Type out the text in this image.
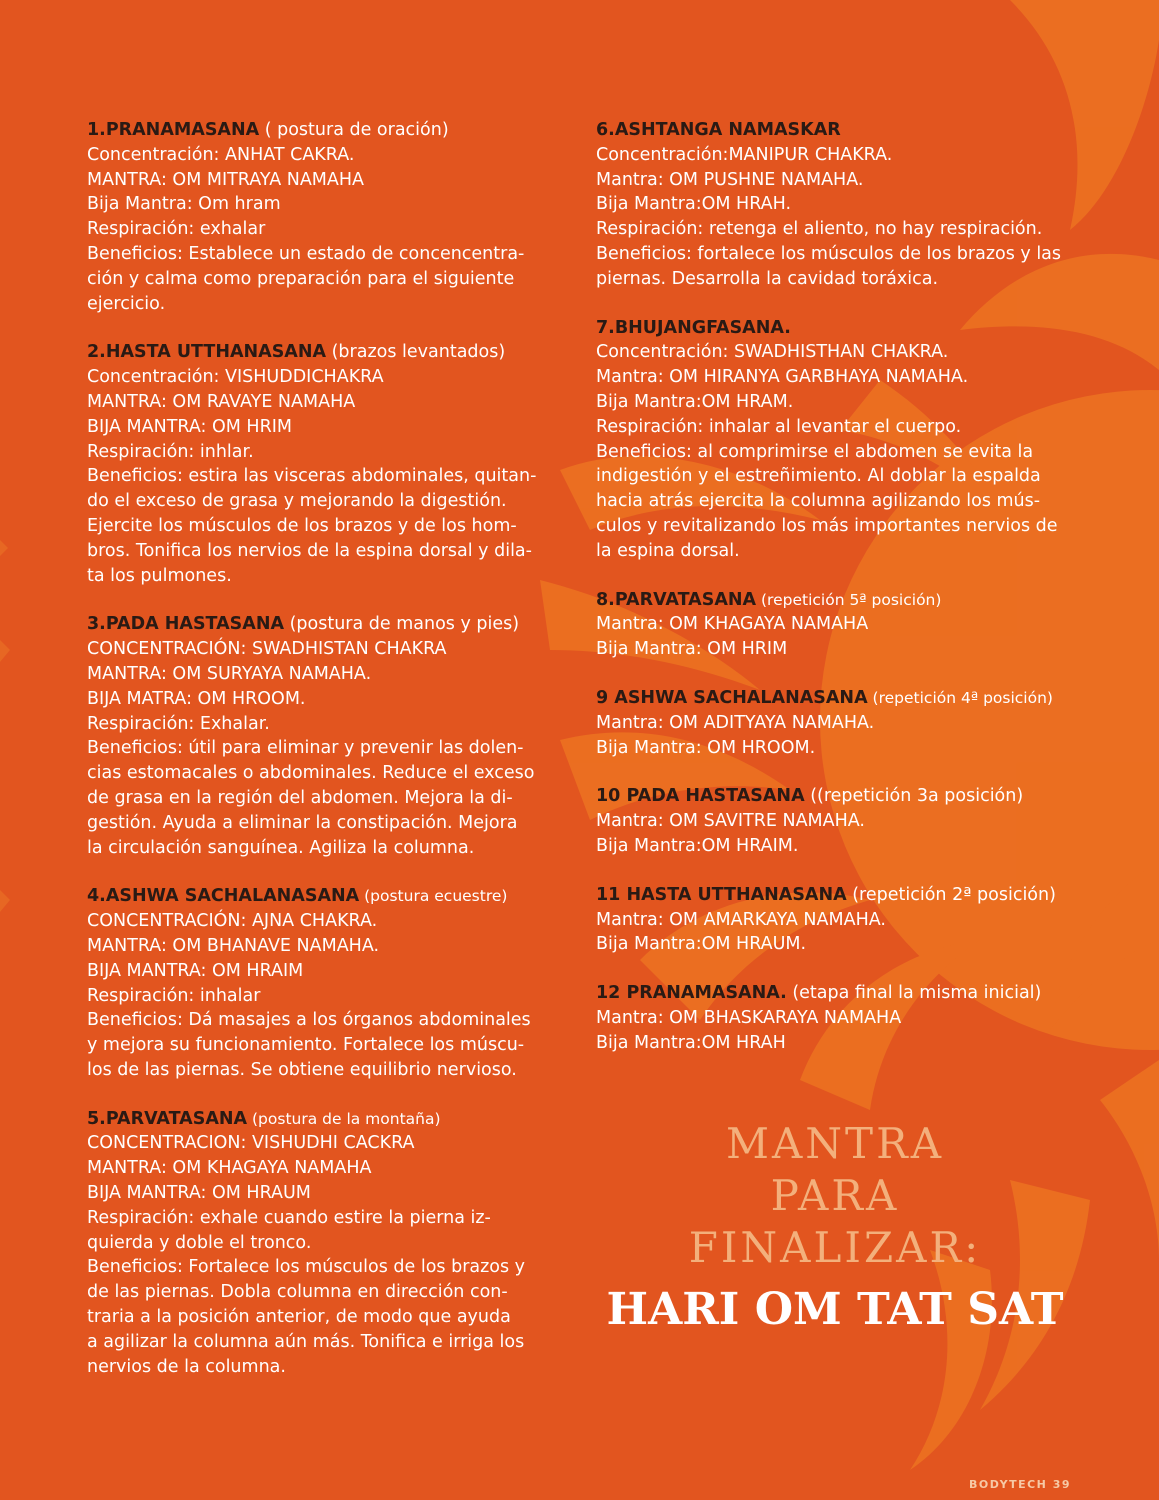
1.PRANAMASANA ( postura de oración)
Concentración: ANHAT CAKRA.
MANTRA: OM MITRAYA NAMAHA
Bija Mantra: Om hram
Respiración: exhalar
Beneficios: Establece un estado de concencentra-
ción y calma como preparación para el siguiente
ejercicio.
2.HASTA UTTHANASANA (brazos levantados)
Concentración: VISHUDDICHAKRA
MANTRA: OM RAVAYE NAMAHA
BIJA MANTRA: OM HRIM
Respiración: inhlar.
Beneficios: estira las visceras abdominales, quitan-
do el exceso de grasa y mejorando la digestión.
Ejercite los músculos de los brazos y de los hom-
bros. Tonifica los nervios de la espina dorsal y dila-
ta los pulmones.
3.PADA HASTASANA (postura de manos y pies)
CONCENTRACIÓN: SWADHISTAN CHAKRA
MANTRA: OM SURYAYA NAMAHA.
BIJA MATRA: OM HROOM.
Respiración: Exhalar.
Beneficios: útil para eliminar y prevenir las dolen-
cias estomacales o abdominales. Reduce el exceso
de grasa en la región del abdomen. Mejora la di-
gestión. Ayuda a eliminar la constipación. Mejora
la circulación sanguínea. Agiliza la columna.
4.ASHWA SACHALANASANA (postura ecuestre)
CONCENTRACIÓN: AJNA CHAKRA.
MANTRA: OM BHANAVE NAMAHA.
BIJA MANTRA: OM HRAIM
Respiración: inhalar
Beneficios: Dá masajes a los órganos abdominales
y mejora su funcionamiento. Fortalece los múscu-
los de las piernas. Se obtiene equilibrio nervioso.
5.PARVATASANA (postura de la montaña)
CONCENTRACION: VISHUDHI CACKRA
MANTRA: OM KHAGAYA NAMAHA
BIJA MANTRA: OM HRAUM
Respiración: exhale cuando estire la pierna iz-
quierda y doble el tronco.
Beneficios: Fortalece los músculos de los brazos y
de las piernas. Dobla columna en dirección con-
traria a la posición anterior, de modo que ayuda
a agilizar la columna aún más. Tonifica e irriga los
nervios de la columna.
6.ASHTANGA NAMASKAR
Concentración:MANIPUR CHAKRA.
Mantra: OM PUSHNE NAMAHA.
Bija Mantra:OM HRAH.
Respiración: retenga el aliento, no hay respiración.
Beneficios: fortalece los músculos de los brazos y las
piernas. Desarrolla la cavidad toráxica.
7.BHUJANGFASANA.
Concentración: SWADHISTHAN CHAKRA.
Mantra: OM HIRANYA GARBHAYA NAMAHA.
Bija Mantra:OM HRAM.
Respiración: inhalar al levantar el cuerpo.
Beneficios: al comprimirse el abdomen se evita la
indigestión y el estreñimiento. Al doblar la espalda
hacia atrás ejercita la columna agilizando los mús-
culos y revitalizando los más importantes nervios de
la espina dorsal.
8.PARVATASANA (repetición 5ª posición)
Mantra: OM KHAGAYA NAMAHA
Bija Mantra: OM HRIM
9 ASHWA SACHALANASANA (repetición 4ª posición)
Mantra: OM ADITYAYA NAMAHA.
Bija Mantra: OM HROOM.
10 PADA HASTASANA ((repetición 3a posición)
Mantra: OM SAVITRE NAMAHA.
Bija Mantra:OM HRAIM.
11 HASTA UTTHANASANA (repetición 2ª posición)
Mantra: OM AMARKAYA NAMAHA.
Bija Mantra:OM HRAUM.
12 PRANAMASANA. (etapa final la misma inicial)
Mantra: OM BHASKARAYA NAMAHA
Bija Mantra:OM HRAH
MANTRA
PARA
FINALIZAR:
HARI OM TAT SAT
BODYTECH 39
